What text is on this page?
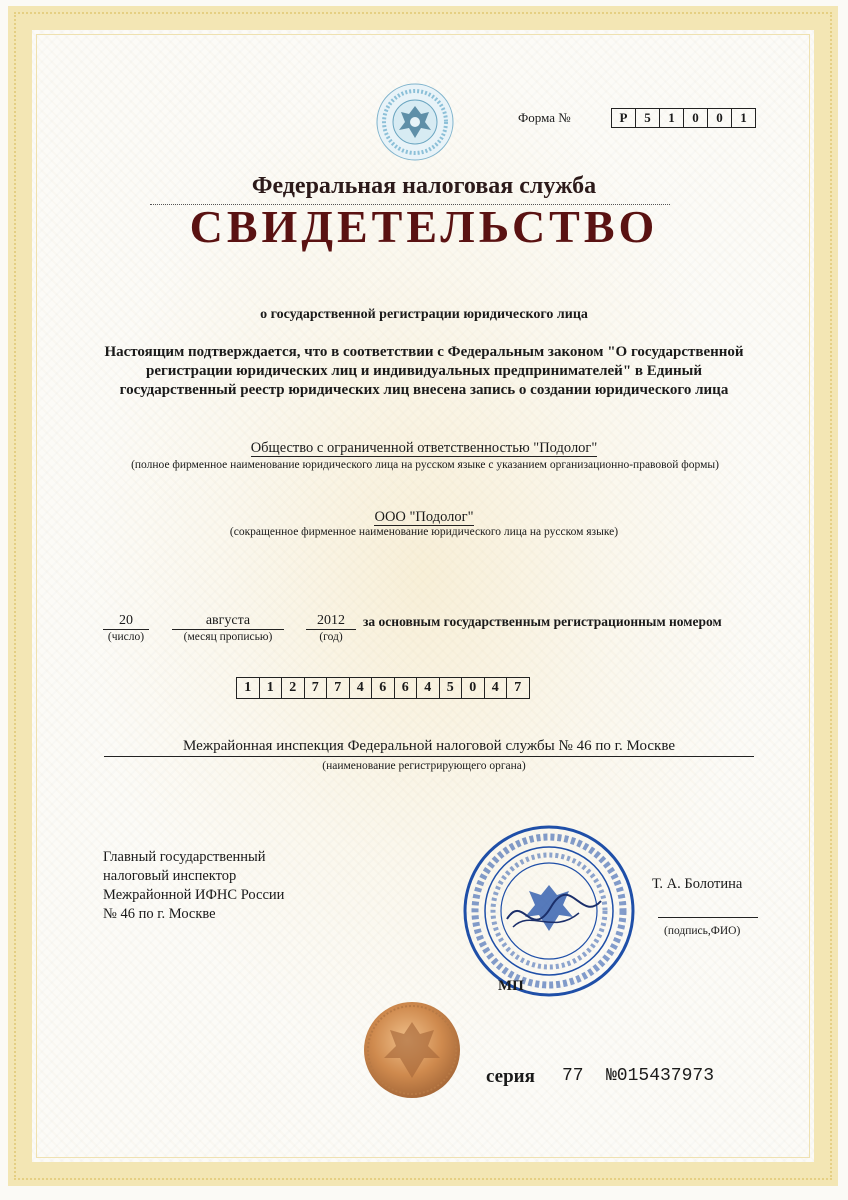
Форма №	Р	5	1	0	0	1
Федеральная налоговая служба
СВИДЕТЕЛЬСТВО
о государственной регистрации юридического лица
Настоящим подтверждается, что в соответствии с Федеральным законом "О государственной регистрации юридических лиц и индивидуальных предпринимателей" в Единый государственный реестр юридических лиц внесена запись о создании юридического лица
Общество с ограниченной ответственностью "Подолог"
(полное фирменное наименование юридического лица на русском языке с указанием организационно-правовой формы)
ООО "Подолог"
(сокращенное фирменное наименование юридического лица на русском языке)
20
(число)
августа
(месяц прописью)
2012
(год)
за основным государственным регистрационным номером
1	1	2	7	7	4	6	6	4	5	0	4	7
Межрайонная инспекция Федеральной налоговой службы № 46 по г. Москве
(наименование регистрирующего органа)
Главный государственный
налоговый инспектор
Межрайонной ИФНС России
№ 46 по г. Москве
МП
Т. А. Болотина
(подпись,ФИО)
серия 77 №015437973
